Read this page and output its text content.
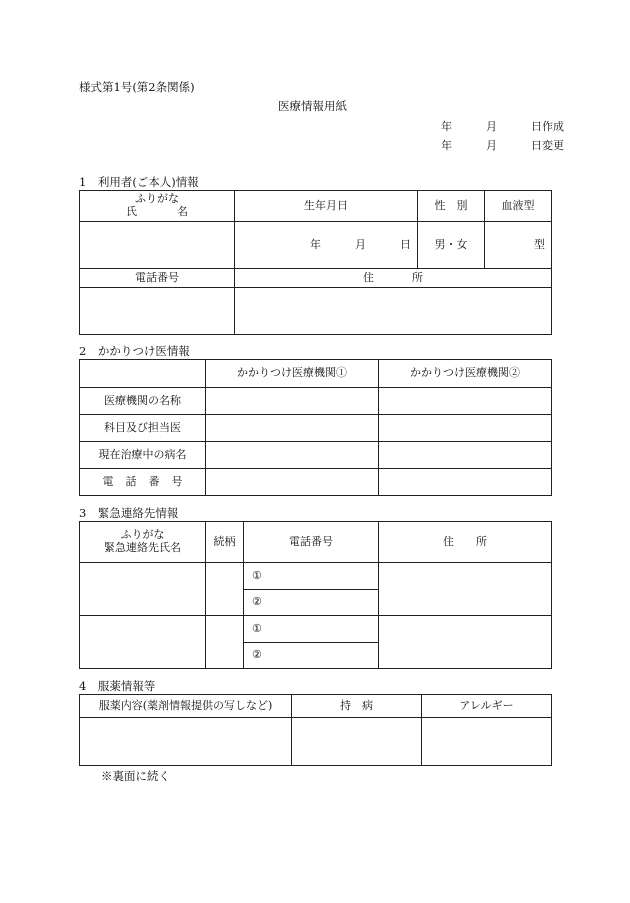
様式第1号(第2条関係)
医療情報用紙
年	月	日作成
年	月	日変更
1　利用者(ご本人)情報
ふりがな
氏 名	生年月日	性　別	血液型
	年 月 日	男・女	型
電話番号	住 所		

2　かかりつけ医情報
	かかりつけ医療機関①	かかりつけ医療機関②
医療機関の名称		
科目及び担当医		
現在治療中の病名		
電 話 番 号		
3　緊急連絡先情報
ふりがな
緊急連絡先氏名	続柄	電話番号	住 所
		①	
		②	
		①	
		②	
4　服薬情報等
服薬内容(薬剤情報提供の写しなど)	持　病	アレルギー

※裏面に続く
